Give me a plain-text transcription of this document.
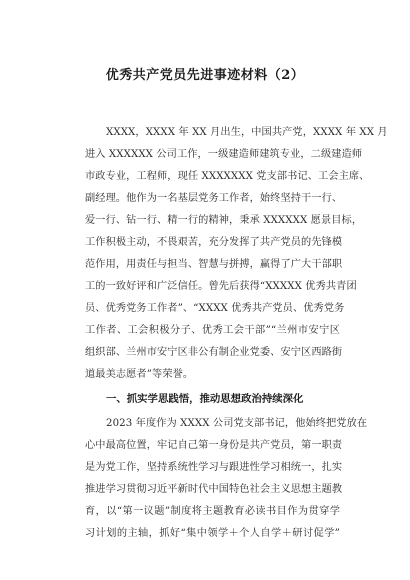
优秀共产党员先进事迹材料（2）
XXXX，XXXX 年 XX 月出生，中国共产党，XXXX 年 XX 月
进入 XXXXXX 公司工作，一级建造师建筑专业，二级建造师
市政专业，工程师，现任 XXXXXXX 党支部书记、工会主席、
副经理。他作为一名基层党务工作者，始终坚持干一行、
爱一行、钻一行、精一行的精神，秉承 XXXXXX 愿景目标，
工作积极主动，不畏艰苦，充分发挥了共产党员的先锋模
范作用，用责任与担当、智慧与拼搏，赢得了广大干部职
工的一致好评和广泛信任。曾先后获得“XXXXX 优秀共青团
员、优秀党务工作者”、“XXXX 优秀共产党员、优秀党务
工作者、工会积极分子、优秀工会干部”“兰州市安宁区
组织部、兰州市安宁区非公有制企业党委、安宁区西路街
道最美志愿者”等荣誉。
一、抓实学思践悟，推动思想政治持续深化
2023 年度作为 XXXX 公司党支部书记，他始终把党放在
心中最高位置，牢记自己第一身份是共产党员，第一职责
是为党工作，坚持系统性学习与跟进性学习相统一，扎实
推进学习贯彻习近平新时代中国特色社会主义思想主题教
育，以“第一议题”制度将主题教育必读书目作为贯穿学
习计划的主轴，抓好“集中领学＋个人自学＋研讨促学”
